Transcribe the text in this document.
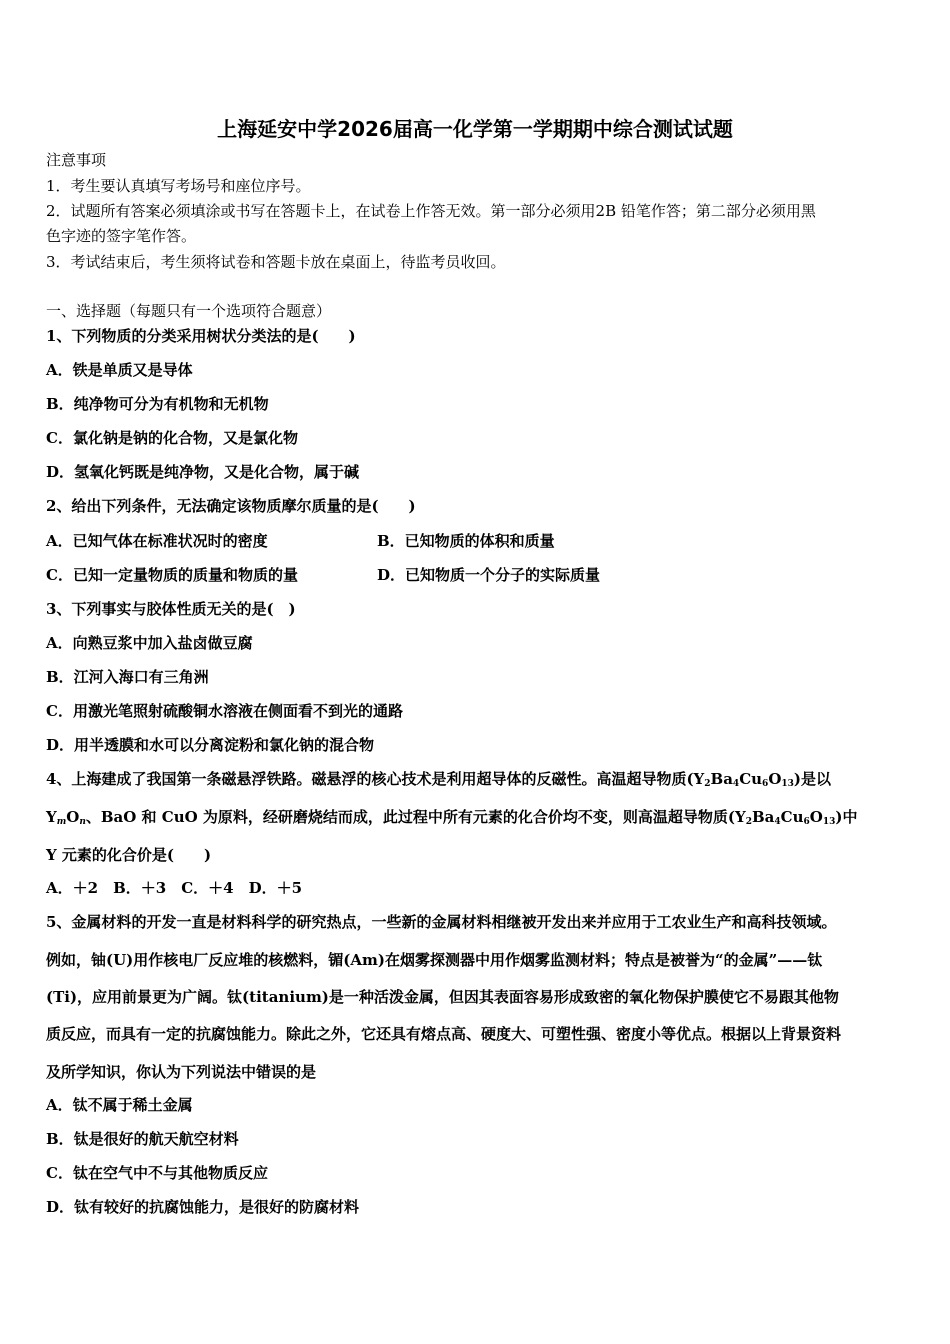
上海延安中学2026届高一化学第一学期期中综合测试试题
注意事项
1．考生要认真填写考场号和座位序号。
2．试题所有答案必须填涂或书写在答题卡上，在试卷上作答无效。第一部分必须用2B 铅笔作答；第二部分必须用黑
色字迹的签字笔作答。
3．考试结束后，考生须将试卷和答题卡放在桌面上，待监考员收回。
一、选择题（每题只有一个选项符合题意）
1、下列物质的分类采用树状分类法的是(　　)
A．铁是单质又是导体
B．纯净物可分为有机物和无机物
C．氯化钠是钠的化合物，又是氯化物
D．氢氧化钙既是纯净物，又是化合物，属于碱
2、给出下列条件，无法确定该物质摩尔质量的是(　　)
A．已知气体在标准状况时的密度	B．已知物质的体积和质量
C．已知一定量物质的质量和物质的量	D．已知物质一个分子的实际质量
3、下列事实与胶体性质无关的是(　)
A．向熟豆浆中加入盐卤做豆腐
B．江河入海口有三角洲
C．用激光笔照射硫酸铜水溶液在侧面看不到光的通路
D．用半透膜和水可以分离淀粉和氯化钠的混合物
4、上海建成了我国第一条磁悬浮铁路。磁悬浮的核心技术是利用超导体的反磁性。高温超导物质$(Y_2Ba_4Cu_6O_{13})$是以
$Y_mO_n$、BaO 和 CuO 为原料，经研磨烧结而成，此过程中所有元素的化合价均不变，则高温超导物质$(Y_2Ba_4Cu_6O_{13})$中
Y 元素的化合价是(　　)
A．＋2　B．＋3　C．＋4　D．＋5
5、金属材料的开发一直是材料科学的研究热点，一些新的金属材料相继被开发出来并应用于工农业生产和高科技领域。
例如，铀(U)用作核电厂反应堆的核燃料，镅(Am)在烟雾探测器中用作烟雾监测材料；特点是被誉为“的金属”——钛
(Ti)，应用前景更为广阔。钛(titanium)是一种活泼金属，但因其表面容易形成致密的氧化物保护膜使它不易跟其他物
质反应，而具有一定的抗腐蚀能力。除此之外，它还具有熔点高、硬度大、可塑性强、密度小等优点。根据以上背景资料
及所学知识，你认为下列说法中错误的是
A．钛不属于稀土金属
B．钛是很好的航天航空材料
C．钛在空气中不与其他物质反应
D．钛有较好的抗腐蚀能力，是很好的防腐材料
